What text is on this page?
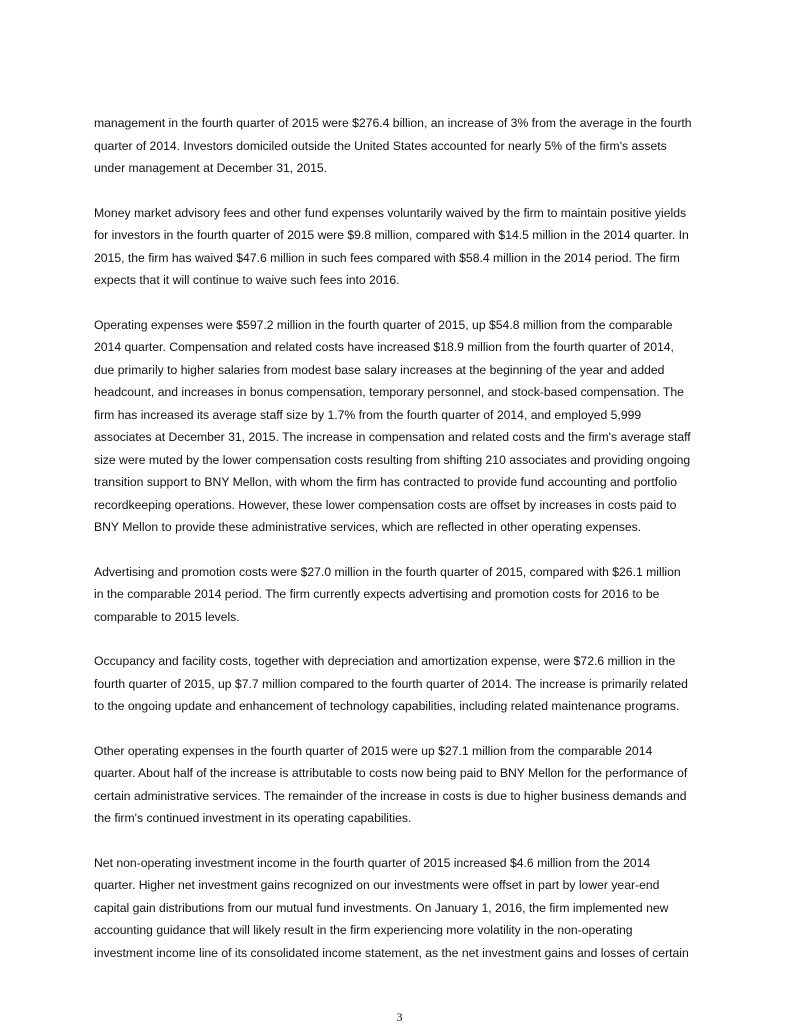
management in the fourth quarter of 2015 were $276.4 billion, an increase of 3% from the average in the fourth
quarter of 2014. Investors domiciled outside the United States accounted for nearly 5% of the firm's assets
under management at December 31, 2015.

Money market advisory fees and other fund expenses voluntarily waived by the firm to maintain positive yields
for investors in the fourth quarter of 2015 were $9.8 million, compared with $14.5 million in the 2014 quarter. In
2015, the firm has waived $47.6 million in such fees compared with $58.4 million in the 2014 period. The firm
expects that it will continue to waive such fees into 2016.

Operating expenses were $597.2 million in the fourth quarter of 2015, up $54.8 million from the comparable
2014 quarter. Compensation and related costs have increased $18.9 million from the fourth quarter of 2014,
due primarily to higher salaries from modest base salary increases at the beginning of the year and added
headcount, and increases in bonus compensation, temporary personnel, and stock-based compensation. The
firm has increased its average staff size by 1.7% from the fourth quarter of 2014, and employed 5,999
associates at December 31, 2015. The increase in compensation and related costs and the firm's average staff
size were muted by the lower compensation costs resulting from shifting 210 associates and providing ongoing
transition support to BNY Mellon, with whom the firm has contracted to provide fund accounting and portfolio
recordkeeping operations. However, these lower compensation costs are offset by increases in costs paid to
BNY Mellon to provide these administrative services, which are reflected in other operating expenses.

Advertising and promotion costs were $27.0 million in the fourth quarter of 2015, compared with $26.1 million
in the comparable 2014 period. The firm currently expects advertising and promotion costs for 2016 to be
comparable to 2015 levels.

Occupancy and facility costs, together with depreciation and amortization expense, were $72.6 million in the
fourth quarter of 2015, up $7.7 million compared to the fourth quarter of 2014. The increase is primarily related
to the ongoing update and enhancement of technology capabilities, including related maintenance programs.

Other operating expenses in the fourth quarter of 2015 were up $27.1 million from the comparable 2014
quarter. About half of the increase is attributable to costs now being paid to BNY Mellon for the performance of
certain administrative services. The remainder of the increase in costs is due to higher business demands and
the firm's continued investment in its operating capabilities.

Net non-operating investment income in the fourth quarter of 2015 increased $4.6 million from the 2014
quarter. Higher net investment gains recognized on our investments were offset in part by lower year-end
capital gain distributions from our mutual fund investments. On January 1, 2016, the firm implemented new
accounting guidance that will likely result in the firm experiencing more volatility in the non-operating
investment income line of its consolidated income statement, as the net investment gains and losses of certain

3
